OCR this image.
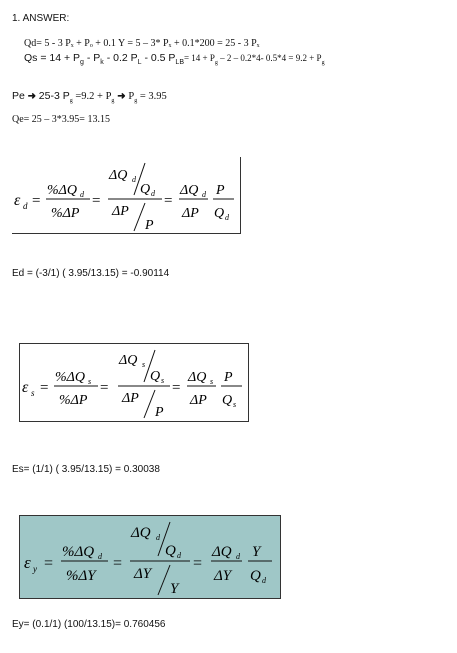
1. ANSWER:
Qd= 5 - 3 Pₓ + Pₒ + 0.1 Y = 5 – 3* Pₓ + 0.1*200 = 25 - 3 Pₓ
$Qs = 14 + P_g - P_k - 0.2$ $P_L - 0.5$ $P_{LB}= 14 + P_g - 2 - 0.2*4-$ $0.5*4 = 9.2 + P_g$
Pe ➜ 25-3 $P_g =9.2 + P_g$ ➜ $P_g = 3.95$
Qe= 25 – 3*3.95= 13.15
ε d =
%ΔQ d
%ΔP
=
ΔQ d
Q d
ΔP
P
=
ΔQ d
ΔP
P
Q d
Ed = (-3/1) ( 3.95/13.15) = -0.90114
ε s =
%ΔQ s
%ΔP
=
ΔQ s
Q s
ΔP
P
=
ΔQ s
ΔP
P
Q s
Es= (1/1) ( 3.95/13.15) = 0.30038
ε y =
%ΔQ d
%ΔY
=
ΔQ d
Q d
ΔY
Y
=
ΔQ d
ΔY
Y
Q d
Ey= (0.1/1) (100/13.15)= 0.760456
